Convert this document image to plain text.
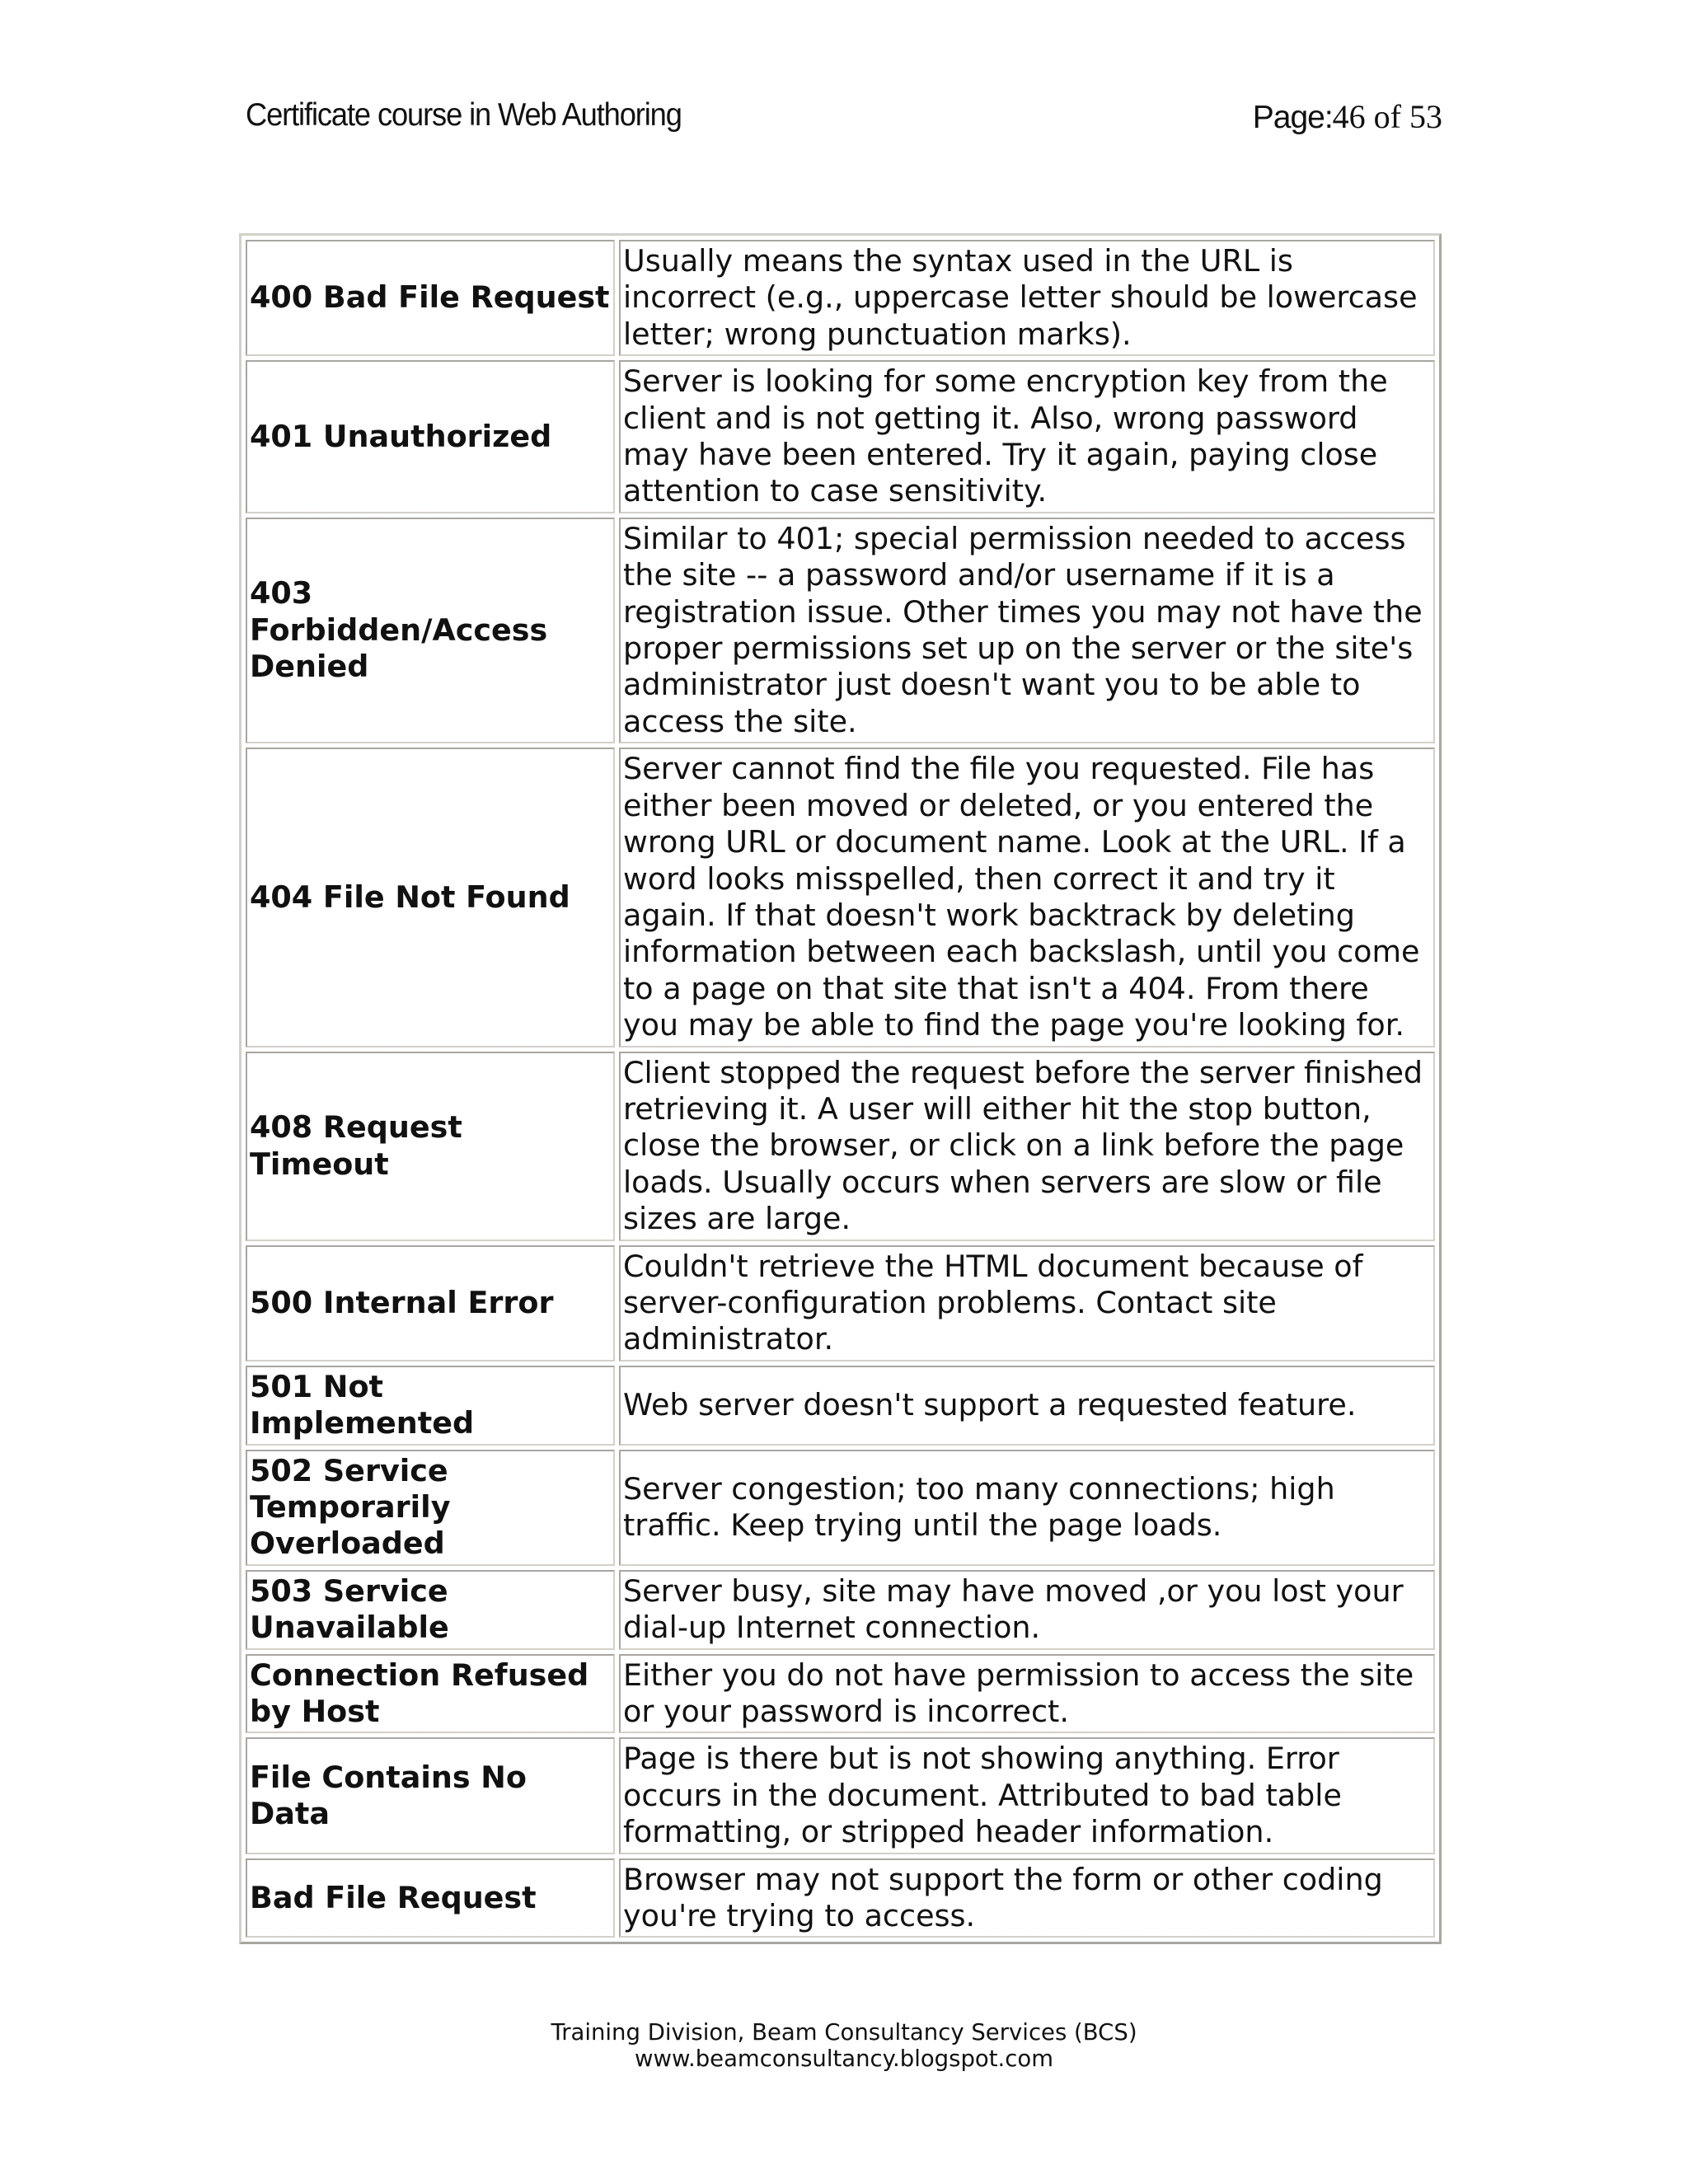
Certificate course in Web Authoring	Page:46 of 53
400 Bad File Request	Usually means the syntax used in the URL is incorrect (e.g., uppercase letter should be lowercase letter; wrong punctuation marks).
401 Unauthorized	Server is looking for some encryption key from the client and is not getting it. Also, wrong password may have been entered. Try it again, paying close attention to case sensitivity.
403 Forbidden/Access Denied	Similar to 401; special permission needed to access the site -- a password and/or username if it is a registration issue. Other times you may not have the proper permissions set up on the server or the site's administrator just doesn't want you to be able to access the site.
404 File Not Found	Server cannot find the file you requested. File has either been moved or deleted, or you entered the wrong URL or document name. Look at the URL. If a word looks misspelled, then correct it and try it again. If that doesn't work backtrack by deleting information between each backslash, until you come to a page on that site that isn't a 404. From there you may be able to find the page you're looking for.
408 Request Timeout	Client stopped the request before the server finished retrieving it. A user will either hit the stop button, close the browser, or click on a link before the page loads. Usually occurs when servers are slow or file sizes are large.
500 Internal Error	Couldn't retrieve the HTML document because of server-configuration problems. Contact site administrator.
501 Not Implemented	Web server doesn't support a requested feature.
502 Service Temporarily Overloaded	Server congestion; too many connections; high traffic. Keep trying until the page loads.
503 Service Unavailable	Server busy, site may have moved ,or you lost your dial-up Internet connection.
Connection Refused by Host	Either you do not have permission to access the site or your password is incorrect.
File Contains No Data	Page is there but is not showing anything. Error occurs in the document. Attributed to bad table formatting, or stripped header information.
Bad File Request	Browser may not support the form or other coding you're trying to access.
Training Division, Beam Consultancy Services (BCS)
www.beamconsultancy.blogspot.com
